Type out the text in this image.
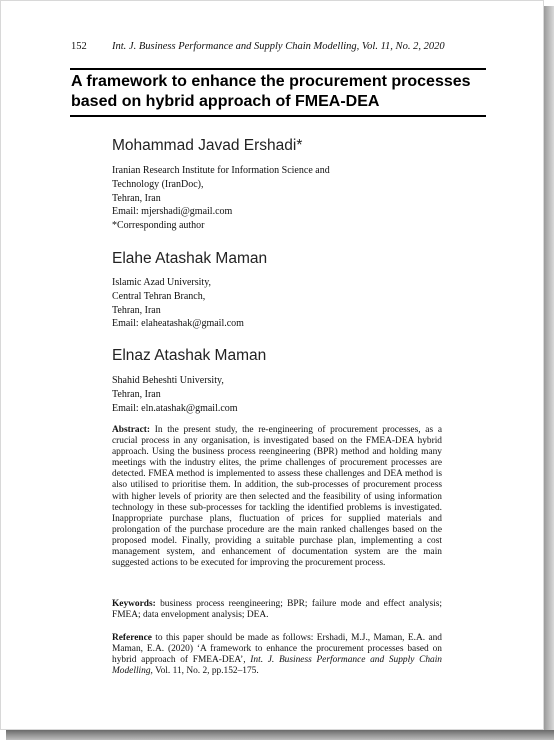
152 Int. J. Business Performance and Supply Chain Modelling, Vol. 11, No. 2, 2020
A framework to enhance the procurement processes based on hybrid approach of FMEA-DEA
Mohammad Javad Ershadi*
Iranian Research Institute for Information Science and
Technology (IranDoc),
Tehran, Iran
Email: mjershadi@gmail.com
*Corresponding author
Elahe Atashak Maman
Islamic Azad University,
Central Tehran Branch,
Tehran, Iran
Email: elaheatashak@gmail.com
Elnaz Atashak Maman
Shahid Beheshti University,
Tehran, Iran
Email: eln.atashak@gmail.com

Abstract: In the present study, the re-engineering of procurement processes, as a crucial process in any organisation, is investigated based on the FMEA-DEA hybrid approach. Using the business process reengineering (BPR) method and holding many meetings with the industry elites, the prime challenges of procurement processes are detected. FMEA method is implemented to assess these challenges and DEA method is also utilised to prioritise them. In addition, the sub-processes of procurement process with higher levels of priority are then selected and the feasibility of using information technology in these sub-processes for tackling the identified problems is investigated. Inappropriate purchase plans, fluctuation of prices for supplied materials and prolongation of the purchase procedure are the main ranked challenges based on the proposed model. Finally, providing a suitable purchase plan, implementing a cost management system, and enhancement of documentation system are the main suggested actions to be executed for improving the procurement process.

Keywords: business process reengineering; BPR; failure mode and effect analysis; FMEA; data envelopment analysis; DEA.

Reference to this paper should be made as follows: Ershadi, M.J., Maman, E.A. and Maman, E.A. (2020) ‘A framework to enhance the procurement processes based on hybrid approach of FMEA-DEA’, Int. J. Business Performance and Supply Chain Modelling, Vol. 11, No. 2, pp.152–175.
